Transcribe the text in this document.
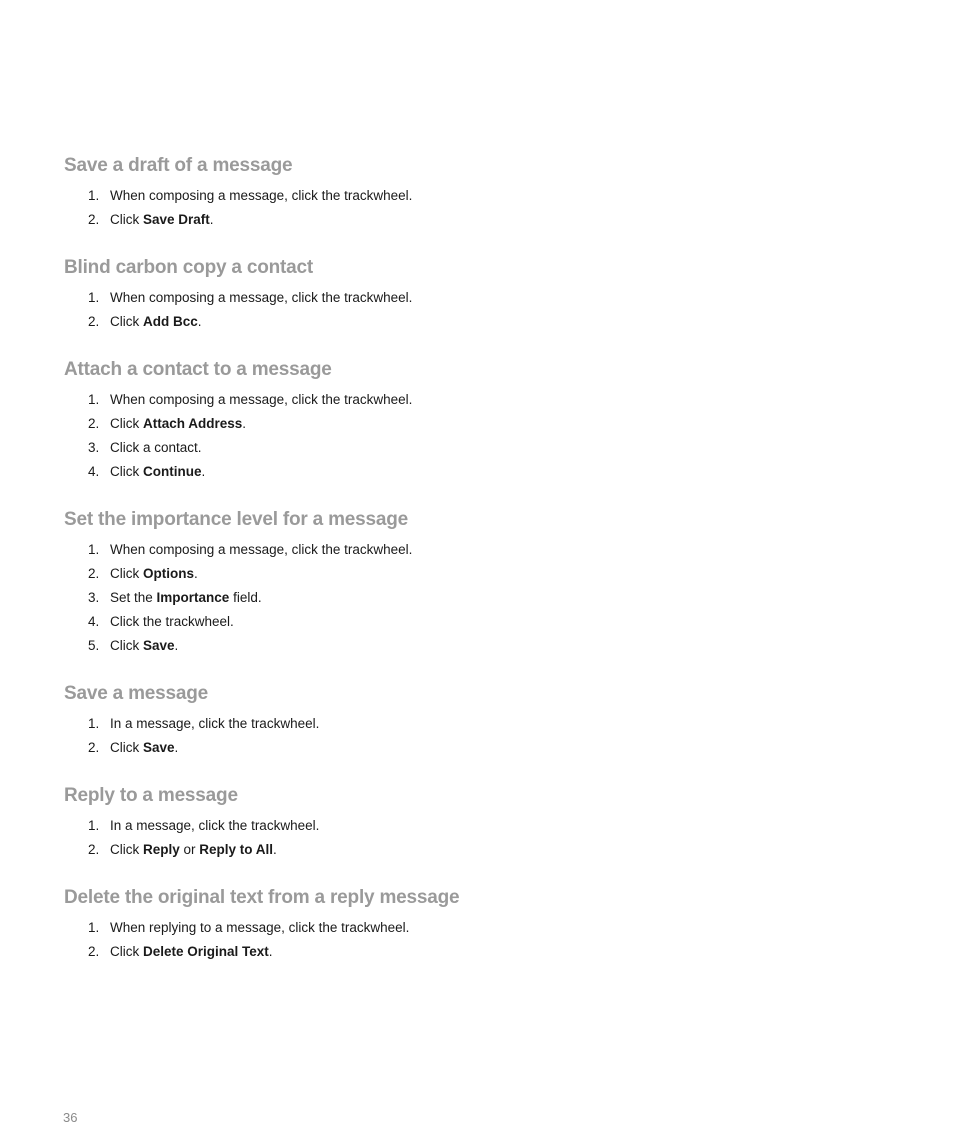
Save a draft of a message
1. When composing a message, click the trackwheel.
2. Click Save Draft.
Blind carbon copy a contact
1. When composing a message, click the trackwheel.
2. Click Add Bcc.
Attach a contact to a message
1. When composing a message, click the trackwheel.
2. Click Attach Address.
3. Click a contact.
4. Click Continue.
Set the importance level for a message
1. When composing a message, click the trackwheel.
2. Click Options.
3. Set the Importance field.
4. Click the trackwheel.
5. Click Save.
Save a message
1. In a message, click the trackwheel.
2. Click Save.
Reply to a message
1. In a message, click the trackwheel.
2. Click Reply or Reply to All.
Delete the original text from a reply message
1. When replying to a message, click the trackwheel.
2. Click Delete Original Text.
36
